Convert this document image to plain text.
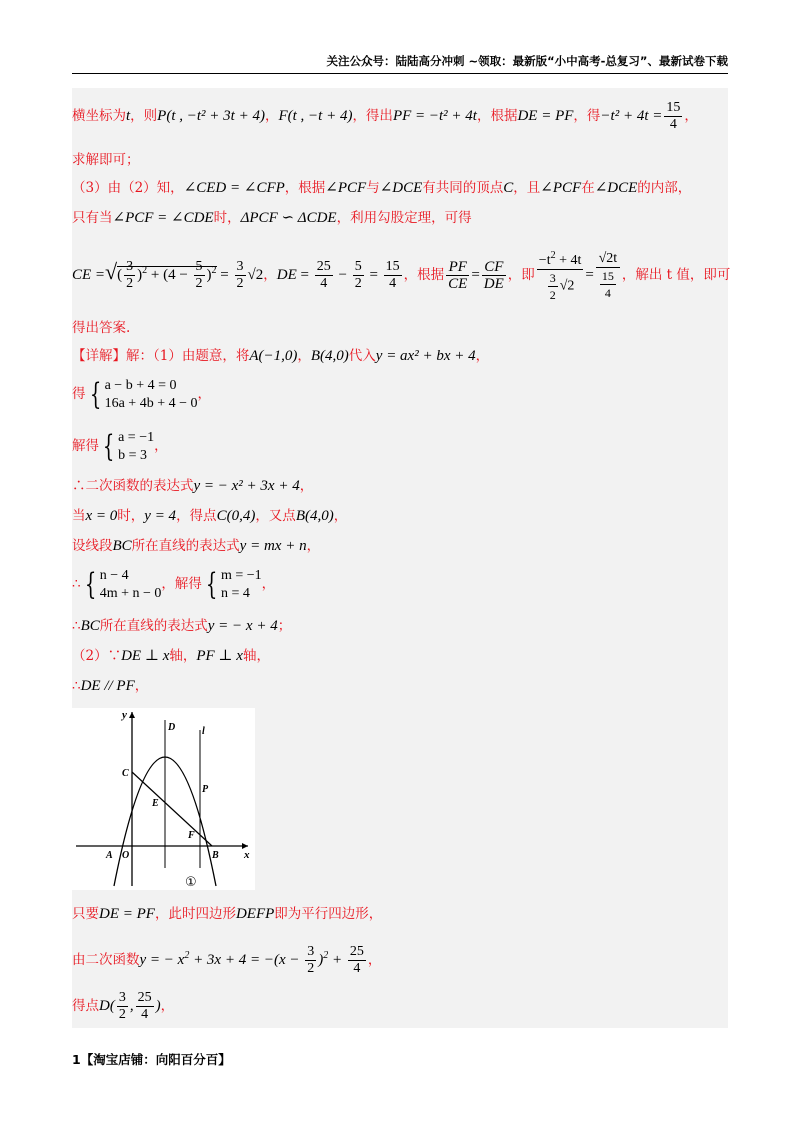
关注公众号：陆陆高分冲刺 ~领取：最新版“小中高考-总复习”、最新试卷下载
横坐标为t，则P(t , −t² + 3t + 4)，F(t , −t + 4)，得出PF = −t² + 4t，根据DE = PF，得$-t^2 + 4t = \frac{15}{4}$ ，
求解即可；
（3）由（2）知，∠CED = ∠CFP，根据∠PCF与∠DCE有共同的顶点C，且∠PCF在∠DCE的内部，
只有当∠PCF = ∠CDE时，ΔPCF ∽ ΔCDE，利用勾股定理，可得
CE =√( $\frac{3}{2} )^2 + (4 - \frac{5}{2} )^2 = \frac{3}{2} √2$，DE = $\frac{25}{4} - \frac{5}{2} = \frac{15}{4}$ ，根据 $\frac{PF}{CE} = \frac{CF}{DE}$ ，即 $\frac{-t^2 + 4t}{\frac{3}{2} √2} = \frac{√2t}{\frac{15}{4}}$ ，解出 t 值，即可
得出答案.
【详解】解：（1）由题意，将A(−1,0)，B(4,0)代入y = ax² + bx + 4，
得 { a − b + 4 = 0
16a + 4b + 4 − 0
，
解得 { a = −1
b = 3
，
∴二次函数的表达式y = − x² + 3x + 4，
当x = 0时，y = 4，得点C(0,4)，又点B(4,0)，
设线段BC所在直线的表达式y = mx + n，
∴ { n − 4
4m + n − 0
，解得 { m = −1
n = 4
，
∴BC所在直线的表达式y = − x + 4；
（2）∵DE ⊥ x轴，PF ⊥ x轴，
∴DE // PF，
只要DE = PF，此时四边形DEFP即为平行四边形，
由二次函数y = − $x^2 + 3x + 4 = -(x - \frac{3}{2} )^2 + \frac{25}{4}$ ，
得点$D( \frac{3}{2}$ , $\frac{25}{4}$ )，
y
x
O
A	B
C
D
E
F
P
l
①
1【淘宝店铺：向阳百分百】
